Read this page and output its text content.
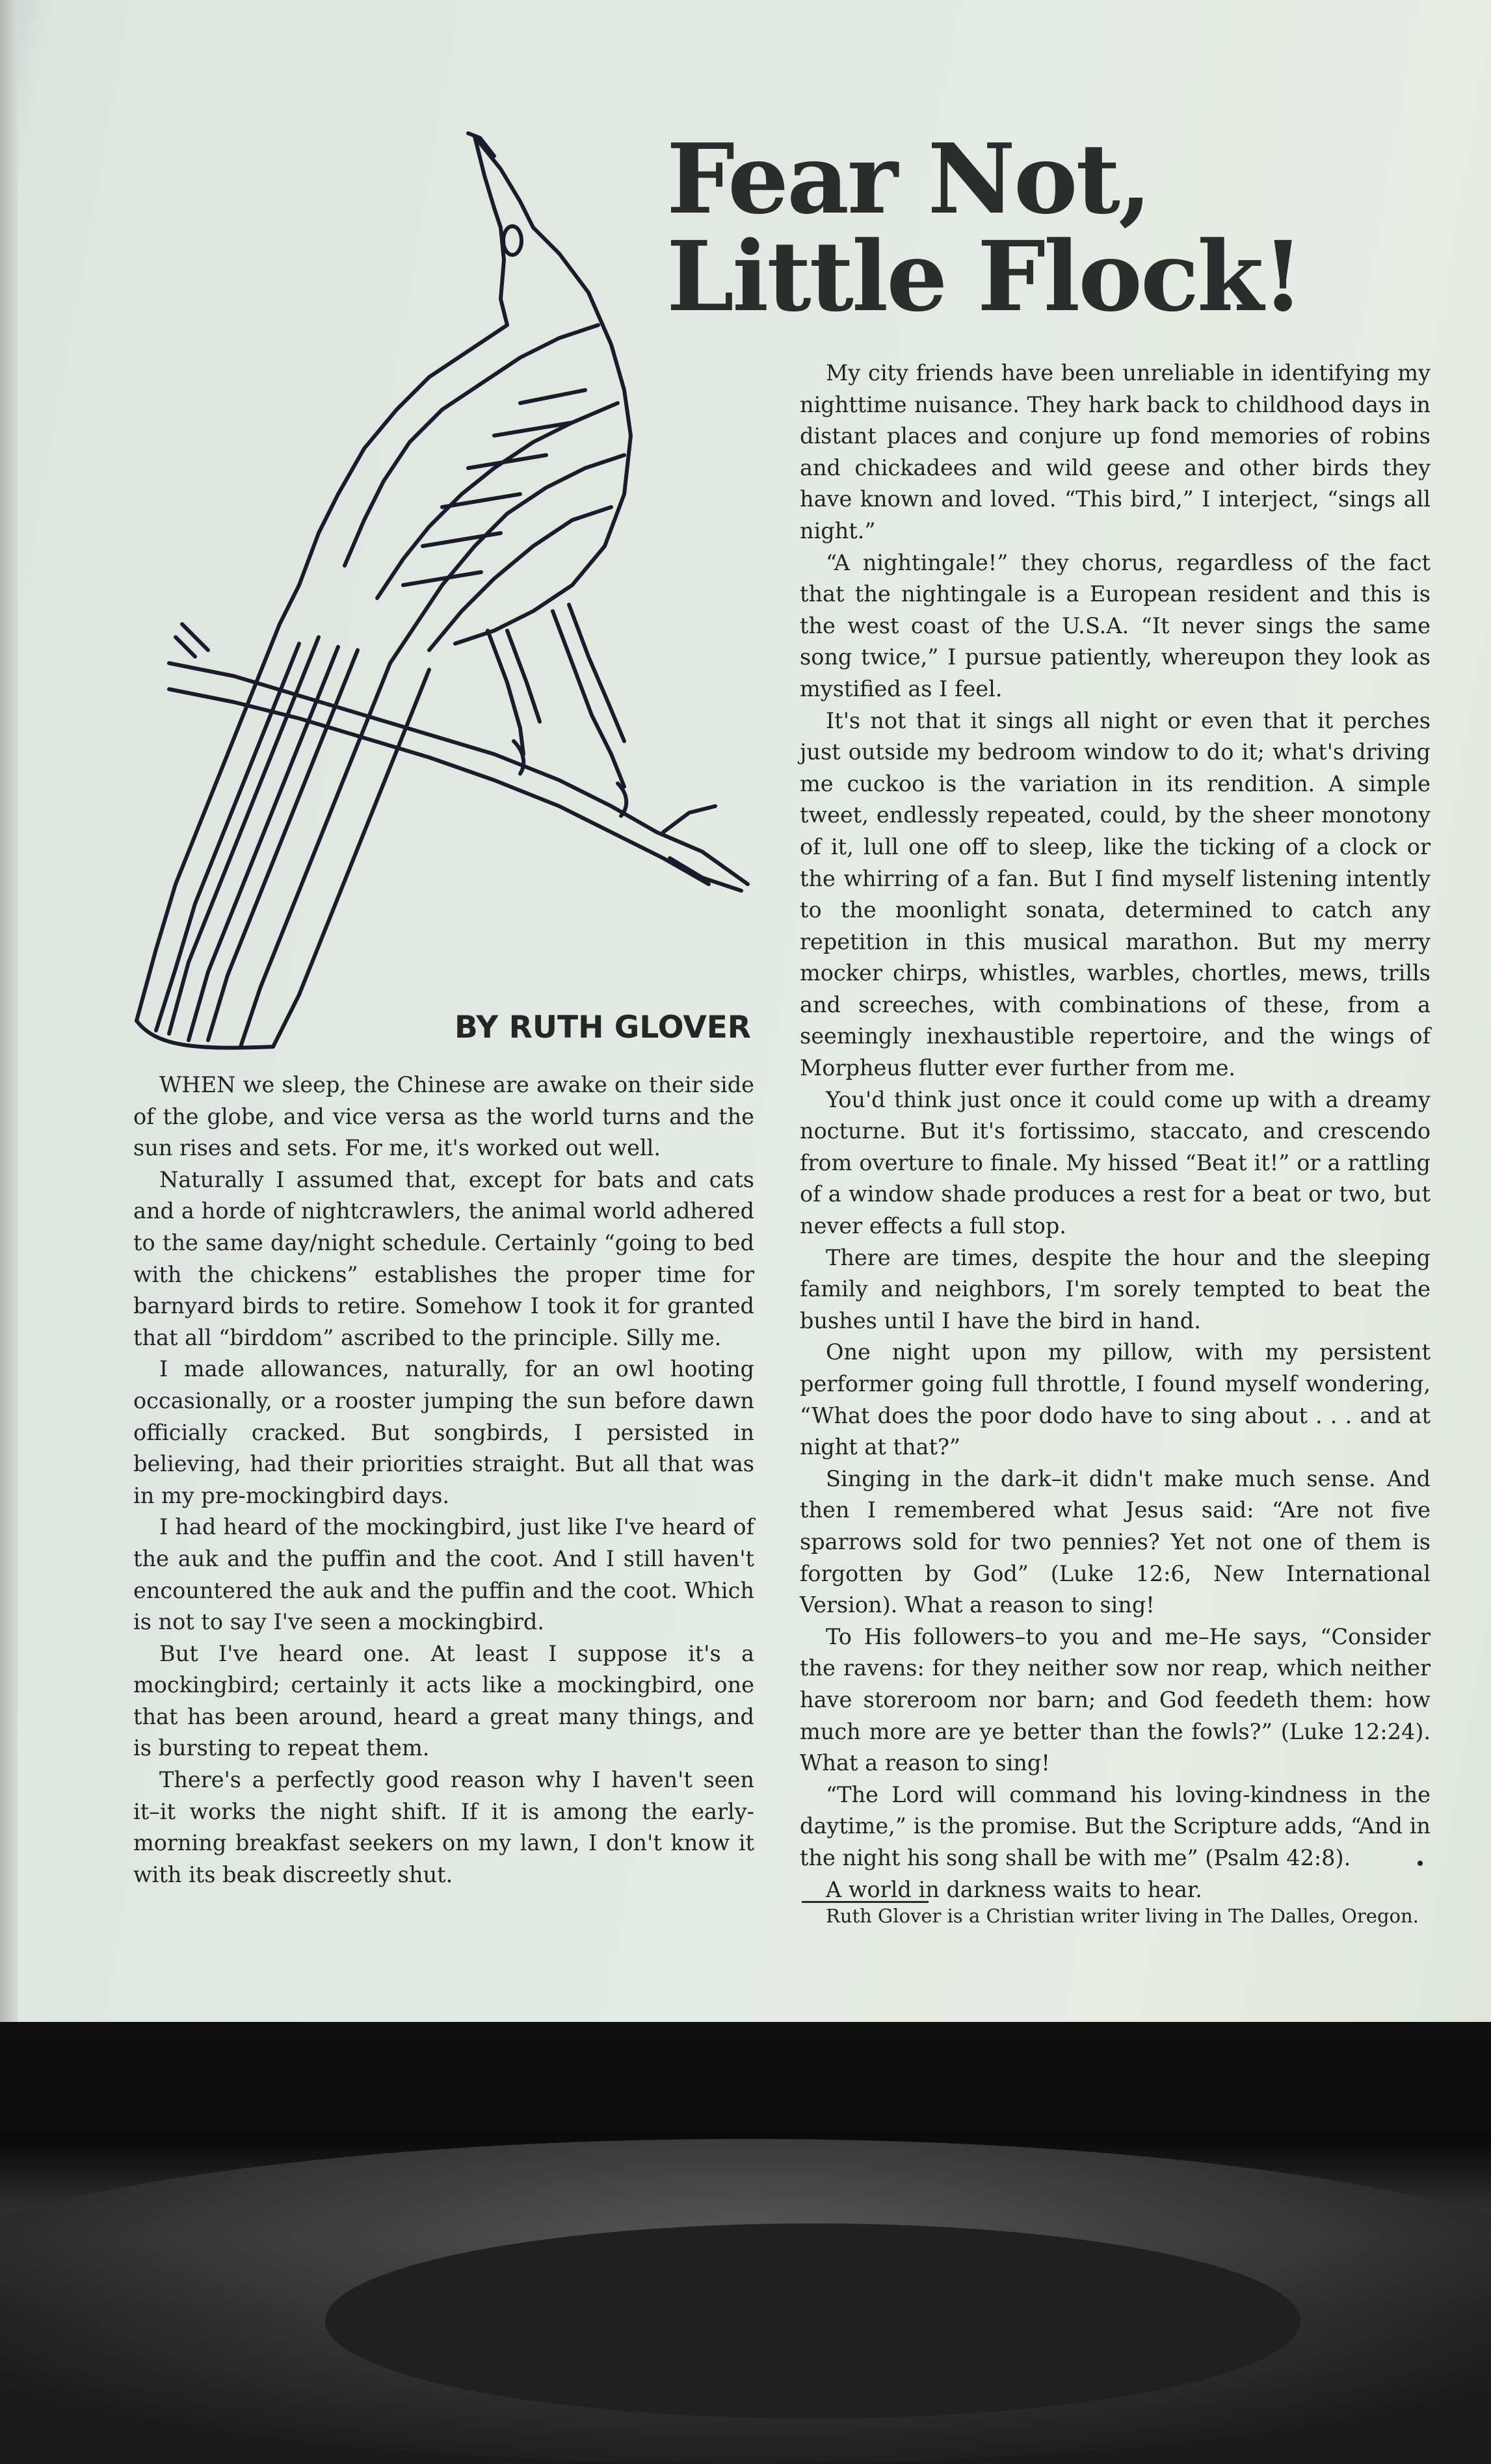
Fear Not,
Little Flock!
BY RUTH GLOVER

WHEN we sleep, the Chinese are awake on their side of the globe, and vice versa as the world turns and the sun rises and sets. For me, it's worked out well.

Naturally I assumed that, except for bats and cats and a horde of nightcrawlers, the animal world adhered to the same day/night schedule. Certainly “going to bed with the chickens” establishes the proper time for barnyard birds to retire. Somehow I took it for granted that all “birddom” ascribed to the principle. Silly me.

I made allowances, naturally, for an owl hooting occasionally, or a rooster jumping the sun before dawn officially cracked. But songbirds, I persisted in believing, had their priorities straight. But all that was in my pre-mockingbird days.

I had heard of the mockingbird, just like I've heard of the auk and the puffin and the coot. And I still haven't encountered the auk and the puffin and the coot. Which is not to say I've seen a mockingbird.

But I've heard one. At least I suppose it's a mockingbird; certainly it acts like a mockingbird, one that has been around, heard a great many things, and is bursting to repeat them.

There's a perfectly good reason why I haven't seen it–it works the night shift. If it is among the early-morning breakfast seekers on my lawn, I don't know it with its beak discreetly shut.

My city friends have been unreliable in identifying my nighttime nuisance. They hark back to childhood days in distant places and conjure up fond memories of robins and chickadees and wild geese and other birds they have known and loved. “This bird,” I interject, “sings all night.”

“A nightingale!” they chorus, regardless of the fact that the nightingale is a European resident and this is the west coast of the U.S.A. “It never sings the same song twice,” I pursue patiently, whereupon they look as mystified as I feel.

It's not that it sings all night or even that it perches just outside my bedroom window to do it; what's driving me cuckoo is the variation in its rendition. A simple tweet, endlessly repeated, could, by the sheer monotony of it, lull one off to sleep, like the ticking of a clock or the whirring of a fan. But I find myself listening intently to the moonlight sonata, determined to catch any repetition in this musical marathon. But my merry mocker chirps, whistles, warbles, chortles, mews, trills and screeches, with combinations of these, from a seemingly inexhaustible repertoire, and the wings of Morpheus flutter ever further from me.

You'd think just once it could come up with a dreamy nocturne. But it's fortissimo, staccato, and crescendo from overture to finale. My hissed “Beat it!” or a rattling of a window shade produces a rest for a beat or two, but never effects a full stop.

There are times, despite the hour and the sleeping family and neighbors, I'm sorely tempted to beat the bushes until I have the bird in hand.

One night upon my pillow, with my persistent performer going full throttle, I found myself wondering, “What does the poor dodo have to sing about . . . and at night at that?”

Singing in the dark–it didn't make much sense. And then I remembered what Jesus said: “Are not five sparrows sold for two pennies? Yet not one of them is forgotten by God” (Luke 12:6, New International Version). What a reason to sing!

To His followers–to you and me–He says, “Consider the ravens: for they neither sow nor reap, which neither have storeroom nor barn; and God feedeth them: how much more are ye better than the fowls?” (Luke 12:24). What a reason to sing!

“The Lord will command his loving-kindness in the daytime,” is the promise. But the Scripture adds, “And in the night his song shall be with me” (Psalm 42:8).

A world in darkness waits to hear.

Ruth Glover is a Christian writer living in The Dalles, Oregon.
